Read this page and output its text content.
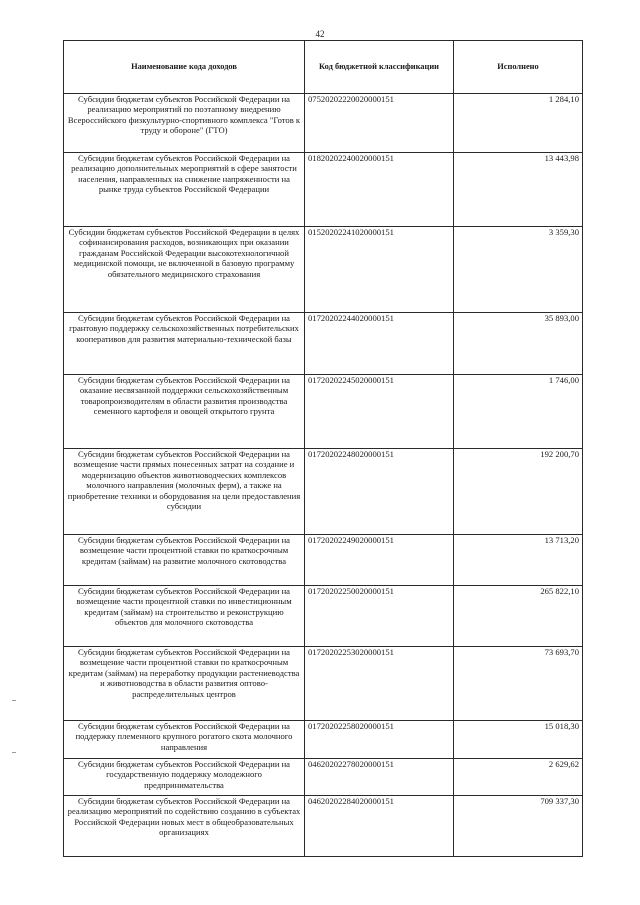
42
Наименование кода доходов	Код бюджетной классификации	Исполнено
Субсидии бюджетам субъектов Российской Федерации на реализацию мероприятий по поэтапному внедрению Всероссийского физкультурно-спортивного комплекса "Готов к труду и обороне" (ГТО)	07520202220020000151	1 284,10
Субсидии бюджетам субъектов Российской Федерации на реализацию дополнительных мероприятий в сфере занятости населения, направленных на снижение напряженности на рынке труда субъектов Российской Федерации	01820202240020000151	13 443,98
Субсидии бюджетам субъектов Российской Федерации в целях софинансирования расходов, возникающих при оказании гражданам Российской Федерации высокотехнологичной медицинской помощи, не включенной в базовую программу обязательного медицинского страхования	01520202241020000151	3 359,30
Субсидии бюджетам субъектов Российской Федерации на грантовую поддержку сельскохозяйственных потребительских кооперативов для развития материально-технической базы	01720202244020000151	35 893,00
Субсидии бюджетам субъектов Российской Федерации на оказание несвязанной поддержки сельскохозяйственным товаропроизводителям в области развития производства семенного картофеля и овощей открытого грунта	01720202245020000151	1 746,00
Субсидии бюджетам субъектов Российской Федерации на возмещение части прямых понесенных затрат на создание и модернизацию объектов животноводческих комплексов молочного направления (молочных ферм), а также на приобретение техники и оборудования на цели предоставления субсидии	01720202248020000151	192 200,70
Субсидии бюджетам субъектов Российской Федерации на возмещение части процентной ставки по краткосрочным кредитам (займам) на развитие молочного скотоводства	01720202249020000151	13 713,20
Субсидии бюджетам субъектов Российской Федерации на возмещение части процентной ставки по инвестиционным кредитам (займам) на строительство и реконструкцию объектов для молочного скотоводства	01720202250020000151	265 822,10
Субсидии бюджетам субъектов Российской Федерации на возмещение части процентной ставки по краткосрочным кредитам (займам) на переработку продукции растениеводства и животноводства в области развития оптово-распределительных центров	01720202253020000151	73 693,70
Субсидии бюджетам субъектов Российской Федерации на поддержку племенного крупного рогатого скота молочного направления	01720202258020000151	15 018,30
Субсидии бюджетам субъектов Российской Федерации на государственную поддержку молодежного предпринимательства	04620202278020000151	2 629,62
Субсидии бюджетам субъектов Российской Федерации на реализацию мероприятий по содействию созданию в субъектах Российской Федерации новых мест в общеобразовательных организациях	04620202284020000151	709 337,30
